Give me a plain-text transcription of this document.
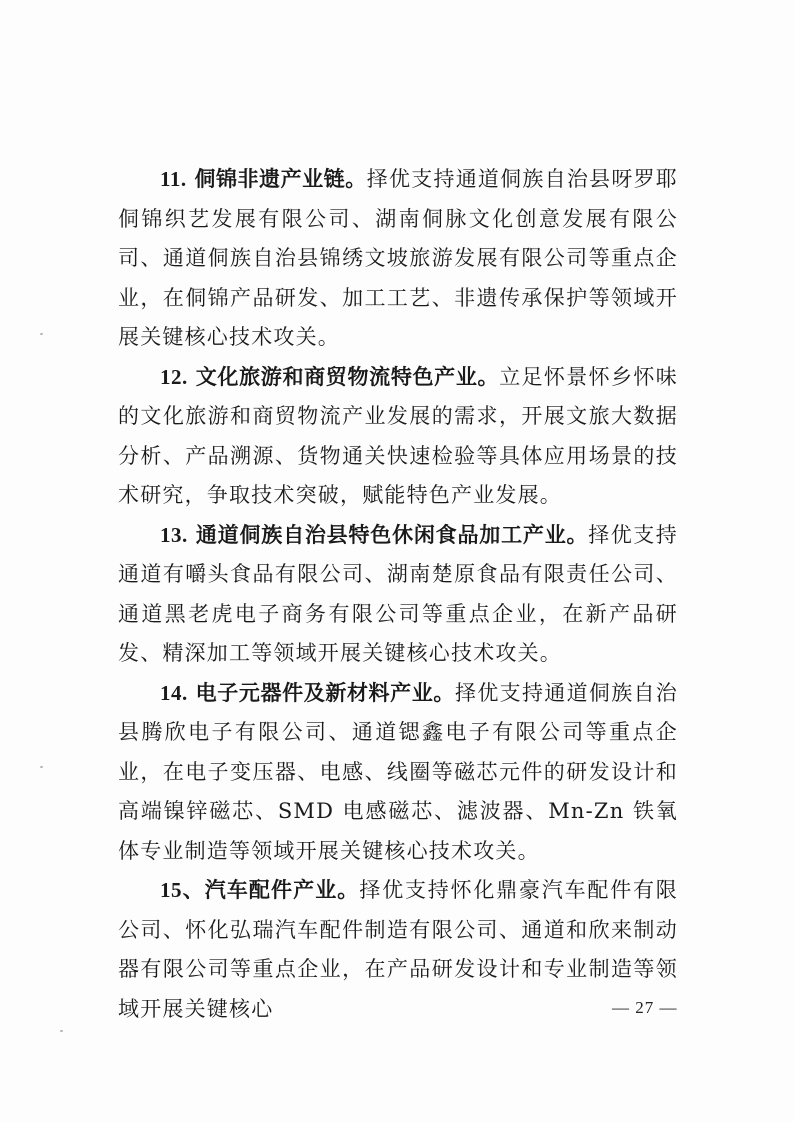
11. 侗锦非遗产业链。择优支持通道侗族自治县呀罗耶侗锦织艺发展有限公司、湖南侗脉文化创意发展有限公司、通道侗族自治县锦绣文坡旅游发展有限公司等重点企业，在侗锦产品研发、加工工艺、非遗传承保护等领域开展关键核心技术攻关。

12. 文化旅游和商贸物流特色产业。立足怀景怀乡怀味的文化旅游和商贸物流产业发展的需求，开展文旅大数据分析、产品溯源、货物通关快速检验等具体应用场景的技术研究，争取技术突破，赋能特色产业发展。

13. 通道侗族自治县特色休闲食品加工产业。择优支持通道有嚼头食品有限公司、湖南楚原食品有限责任公司、通道黑老虎电子商务有限公司等重点企业，在新产品研发、精深加工等领域开展关键核心技术攻关。

14. 电子元器件及新材料产业。择优支持通道侗族自治县腾欣电子有限公司、通道锶鑫电子有限公司等重点企业，在电子变压器、电感、线圈等磁芯元件的研发设计和高端镍锌磁芯、SMD 电感磁芯、滤波器、Mn-Zn 铁氧体专业制造等领域开展关键核心技术攻关。

15、汽车配件产业。择优支持怀化鼎豪汽车配件有限公司、怀化弘瑞汽车配件制造有限公司、通道和欣来制动器有限公司等重点企业，在产品研发设计和专业制造等领域开展关键核心	— 27 —
